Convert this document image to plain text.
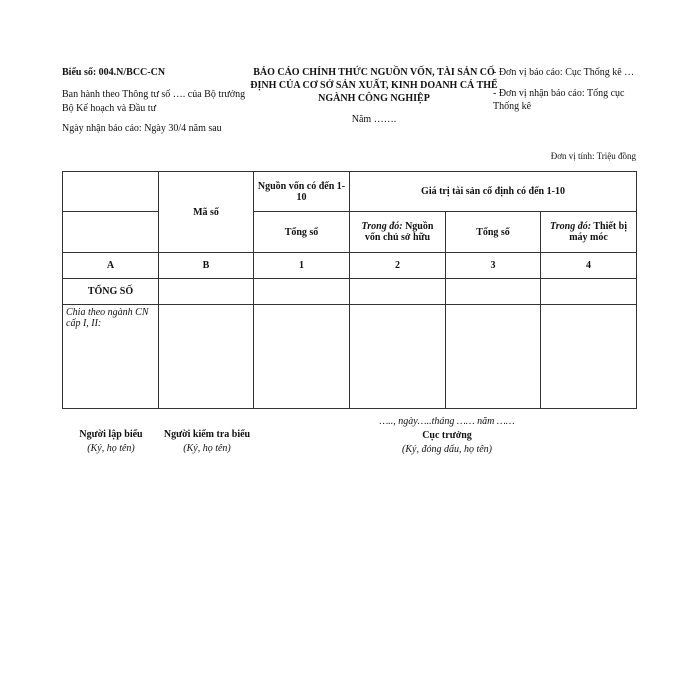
Biểu số: 004.N/BCC-CN
Ban hành theo Thông tư số …. của Bộ trưởng Bộ Kế hoạch và Đầu tư
Ngày nhận báo cáo: Ngày 30/4 năm sau
BÁO CÁO CHÍNH THỨC NGUỒN VỐN, TÀI SẢN CỐ ĐỊNH CỦA CƠ SỞ SẢN XUẤT, KINH DOANH CÁ THỂ NGÀNH CÔNG NGHIỆP
Năm …….
- Đơn vị báo cáo: Cục Thống kê …
- Đơn vị nhận báo cáo: Tổng cục Thống kê
Đơn vị tính: Triệu đồng
	Mã số	Nguồn vốn có đến 1-10	Giá trị tài sản cố định có đến 1-10		
		Tổng số	Trong đó: Nguồn vốn chủ sở hữu	Tổng số	Trong đó: Thiết bị máy móc
A	B	1	2	3	4
TỔNG SỐ					
Chia theo ngành CN cấp I, II:					
Người lập biểu
(Ký, họ tên)
Người kiểm tra biểu
(Ký, họ tên)
….., ngày…..tháng …… năm ……
Cục trưởng
(Ký, đóng dấu, họ tên)
